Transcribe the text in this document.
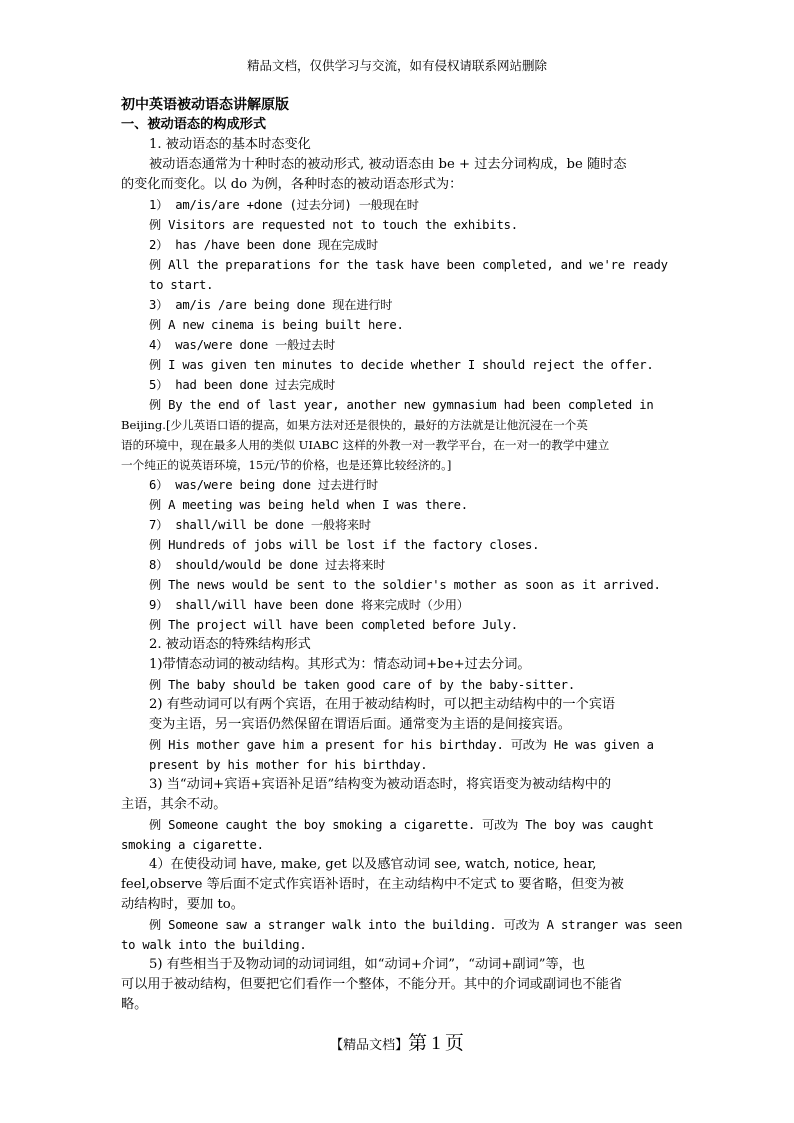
精品文档，仅供学习与交流，如有侵权请联系网站删除
初中英语被动语态讲解原版
一、被动语态的构成形式
1. 被动语态的基本时态变化
被动语态通常为十种时态的被动形式, 被动语态由 be + 过去分词构成，be 随时态
的变化而变化。以 do 为例，各种时态的被动语态形式为：
1） am/is/are +done (过去分词) 一般现在时
例 Visitors are requested not to touch the exhibits.
2） has /have been done 现在完成时
例 All the preparations for the task have been completed, and we're ready
to start.
3） am/is /are being done 现在进行时
例 A new cinema is being built here.
4） was/were done 一般过去时
例 I was given ten minutes to decide whether I should reject the offer.
5） had been done 过去完成时
例 By the end of last year, another new gymnasium had been completed in
Beijing.[少儿英语口语的提高，如果方法对还是很快的，最好的方法就是让他沉浸在一个英
语的环境中，现在最多人用的类似 UIABC 这样的外教一对一教学平台，在一对一的教学中建立
一个纯正的说英语环境，15元/节的价格，也是还算比较经济的。]
6） was/were being done 过去进行时
例 A meeting was being held when I was there.
7） shall/will be done 一般将来时
例 Hundreds of jobs will be lost if the factory closes.
8） should/would be done 过去将来时
例 The news would be sent to the soldier's mother as soon as it arrived.
9） shall/will have been done 将来完成时（少用）
例 The project will have been completed before July.
2. 被动语态的特殊结构形式
1)带情态动词的被动结构。其形式为：情态动词+be+过去分词。
例 The baby should be taken good care of by the baby-sitter.
2) 有些动词可以有两个宾语，在用于被动结构时，可以把主动结构中的一个宾语
变为主语，另一宾语仍然保留在谓语后面。通常变为主语的是间接宾语。
例 His mother gave him a present for his birthday. 可改为 He was given a
present by his mother for his birthday.
3) 当“动词+宾语+宾语补足语”结构变为被动语态时，将宾语变为被动结构中的
主语，其余不动。
例 Someone caught the boy smoking a cigarette. 可改为 The boy was caught
smoking a cigarette.
4）在使役动词 have, make, get 以及感官动词 see, watch, notice, hear,
feel,observe 等后面不定式作宾语补语时，在主动结构中不定式 to 要省略，但变为被
动结构时，要加 to。
例 Someone saw a stranger walk into the building. 可改为 A stranger was seen
to walk into the building.
5) 有些相当于及物动词的动词词组，如“动词+介词”，“动词+副词”等，也
可以用于被动结构，但要把它们看作一个整体，不能分开。其中的介词或副词也不能省
略。
【精品文档】第 1 页
